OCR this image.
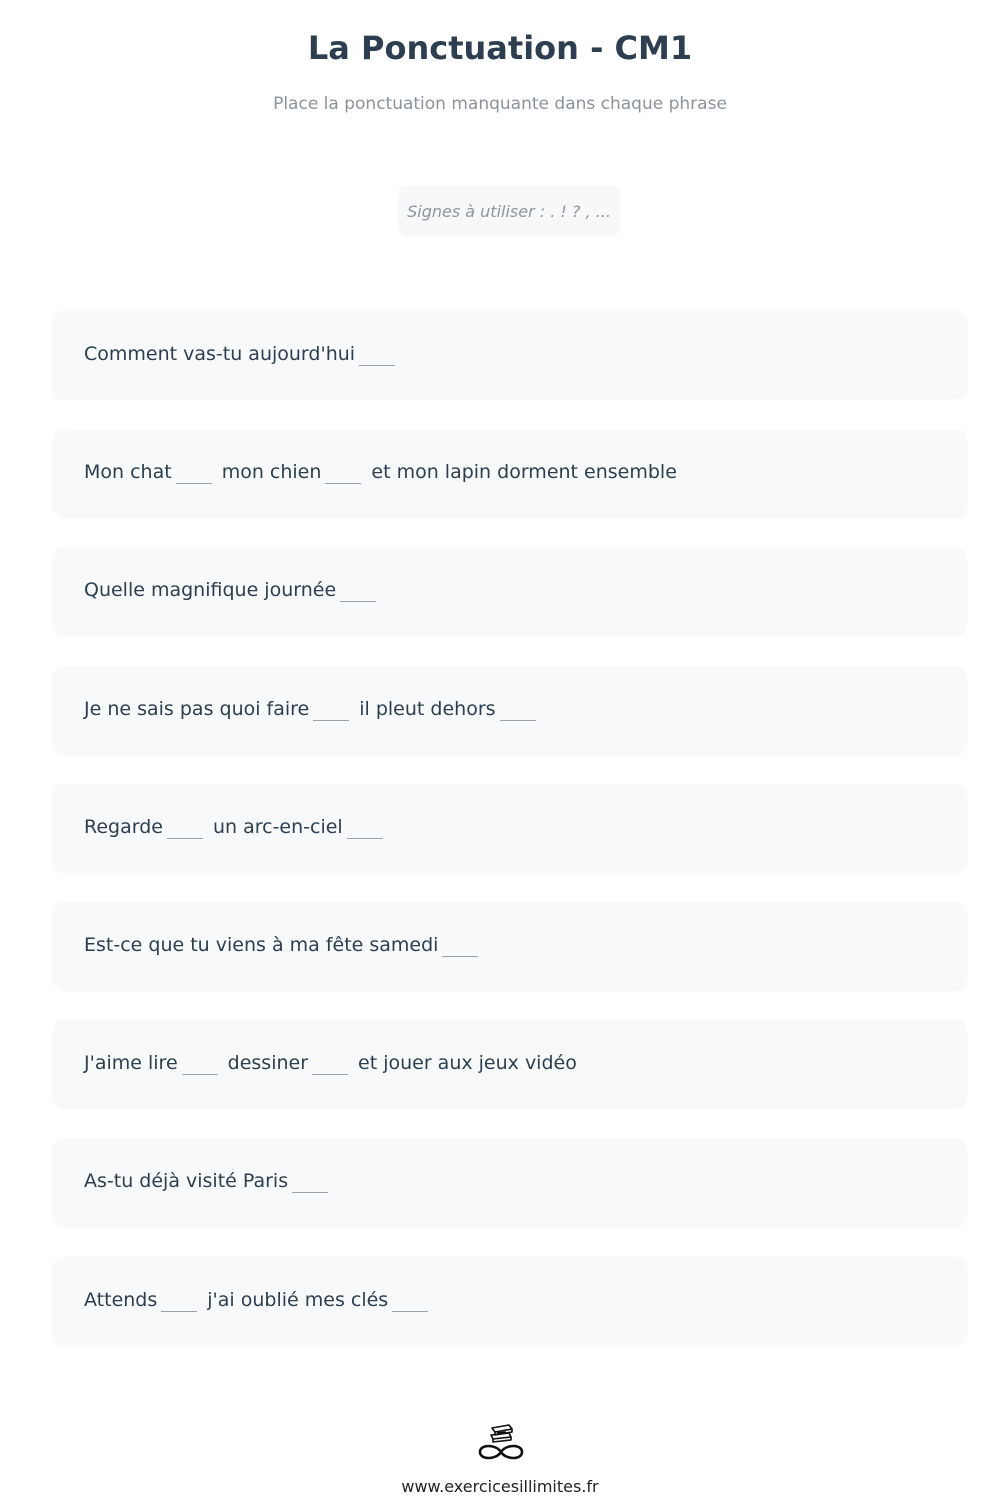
La Ponctuation - CM1

Place la ponctuation manquante dans chaque phrase

Signes à utiliser : . ! ? , ...
Comment vas-tu aujourd'hui
Mon chat	mon chien	et mon lapin dorment ensemble
Quelle magnifique journée
Je ne sais pas quoi faire	il pleut dehors
Regarde	un arc-en-ciel
Est-ce que tu viens à ma fête samedi
J'aime lire	dessiner	et jouer aux jeux vidéo
As-tu déjà visité Paris
Attends	j'ai oublié mes clés
www.exercicesillimites.fr
